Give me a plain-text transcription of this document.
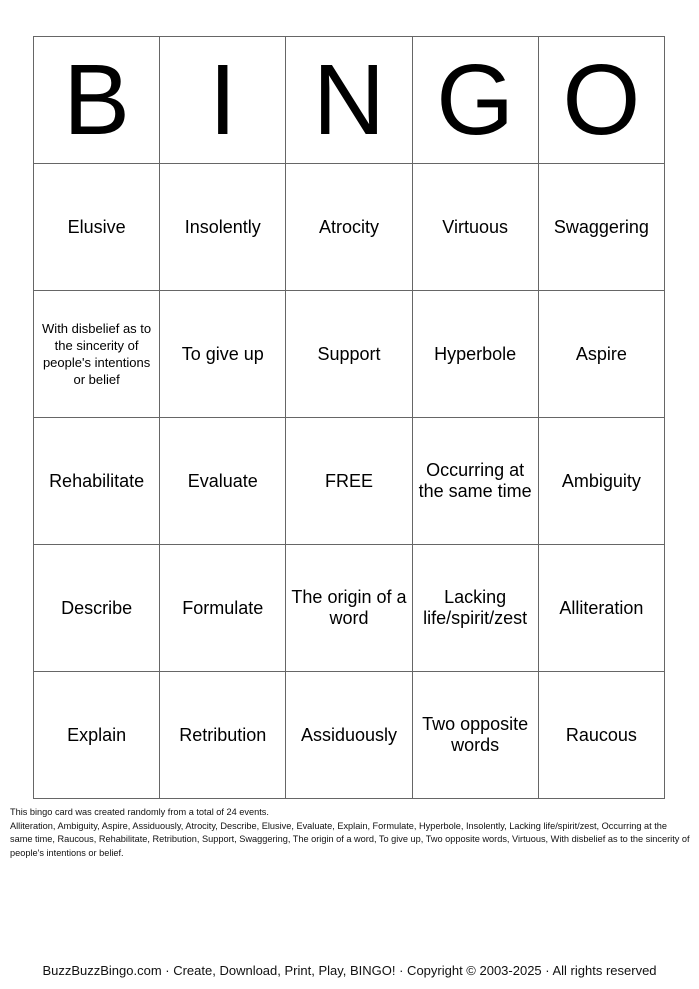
B	I	N	G	O

Elusive	Insolently	Atrocity	Virtuous	Swaggering

With disbelief as to the sincerity of people's intentions or belief	To give up	Support	Hyperbole	Aspire

Rehabilitate	Evaluate	FREE	Occurring at the same time	Ambiguity

Describe	Formulate	The origin of a word	Lacking life/spirit/zest	Alliteration

Explain	Retribution	Assiduously	Two opposite words	Raucous

This bingo card was created randomly from a total of 24 events.

Alliteration, Ambiguity, Aspire, Assiduously, Atrocity, Describe, Elusive, Evaluate, Explain, Formulate, Hyperbole, Insolently, Lacking life/spirit/zest, Occurring at the same time, Raucous, Rehabilitate, Retribution, Support, Swaggering, The origin of a word, To give up, Two opposite words, Virtuous, With disbelief as to the sincerity of people's intentions or belief.

BuzzBuzzBingo.com · Create, Download, Print, Play, BINGO! · Copyright © 2003-2025 · All rights reserved
